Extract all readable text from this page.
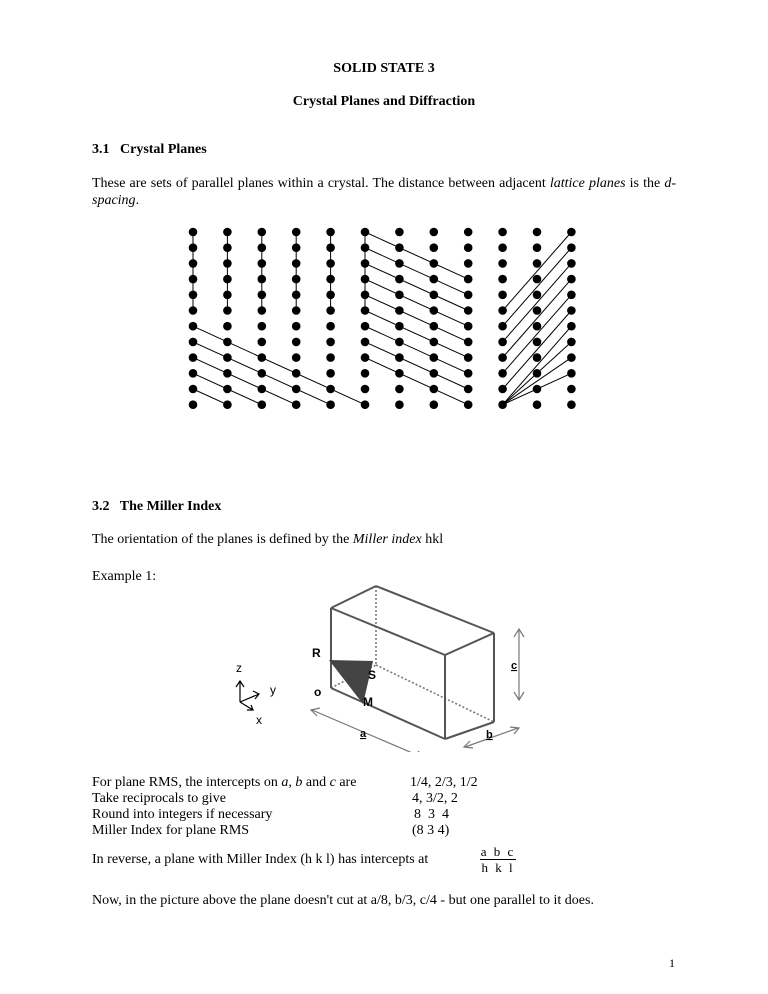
SOLID STATE 3
Crystal Planes and Diffraction
3.1   Crystal Planes
These are sets of parallel planes within a crystal. The distance between adjacent lattice planes is the d-spacing.
3.2   The Miller Index
The orientation of the planes is defined by the Miller index hkl
Example 1:
R
S
M
o
z
y
x
a	b
c
For plane RMS, the intercepts on a, b and c are	1/4, 2/3, 1/2
Take reciprocals to give	4, 3/2, 2
Round into integers if necessary	8  3  4
Miller Index for plane RMS	(8 3 4)
In reverse, a plane with Miller Index (h k l) has intercepts at
a b c
h k l
Now, in the picture above the plane doesn't cut at a/8, b/3, c/4 - but one parallel to it does.
1
